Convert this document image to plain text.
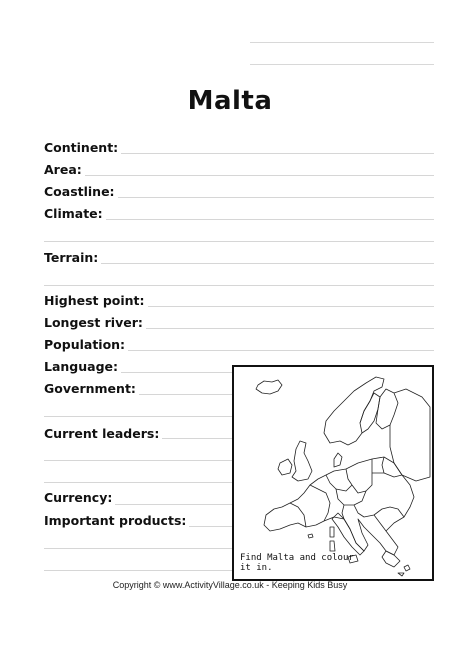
Malta
Continent:
Area:
Coastline:
Climate:
Terrain:
Highest point:
Longest river:
Population:
Language:
Government:
Current leaders:
Currency:
Important products:
Find Malta and colour it in.
Copyright © www.ActivityVillage.co.uk - Keeping Kids Busy
